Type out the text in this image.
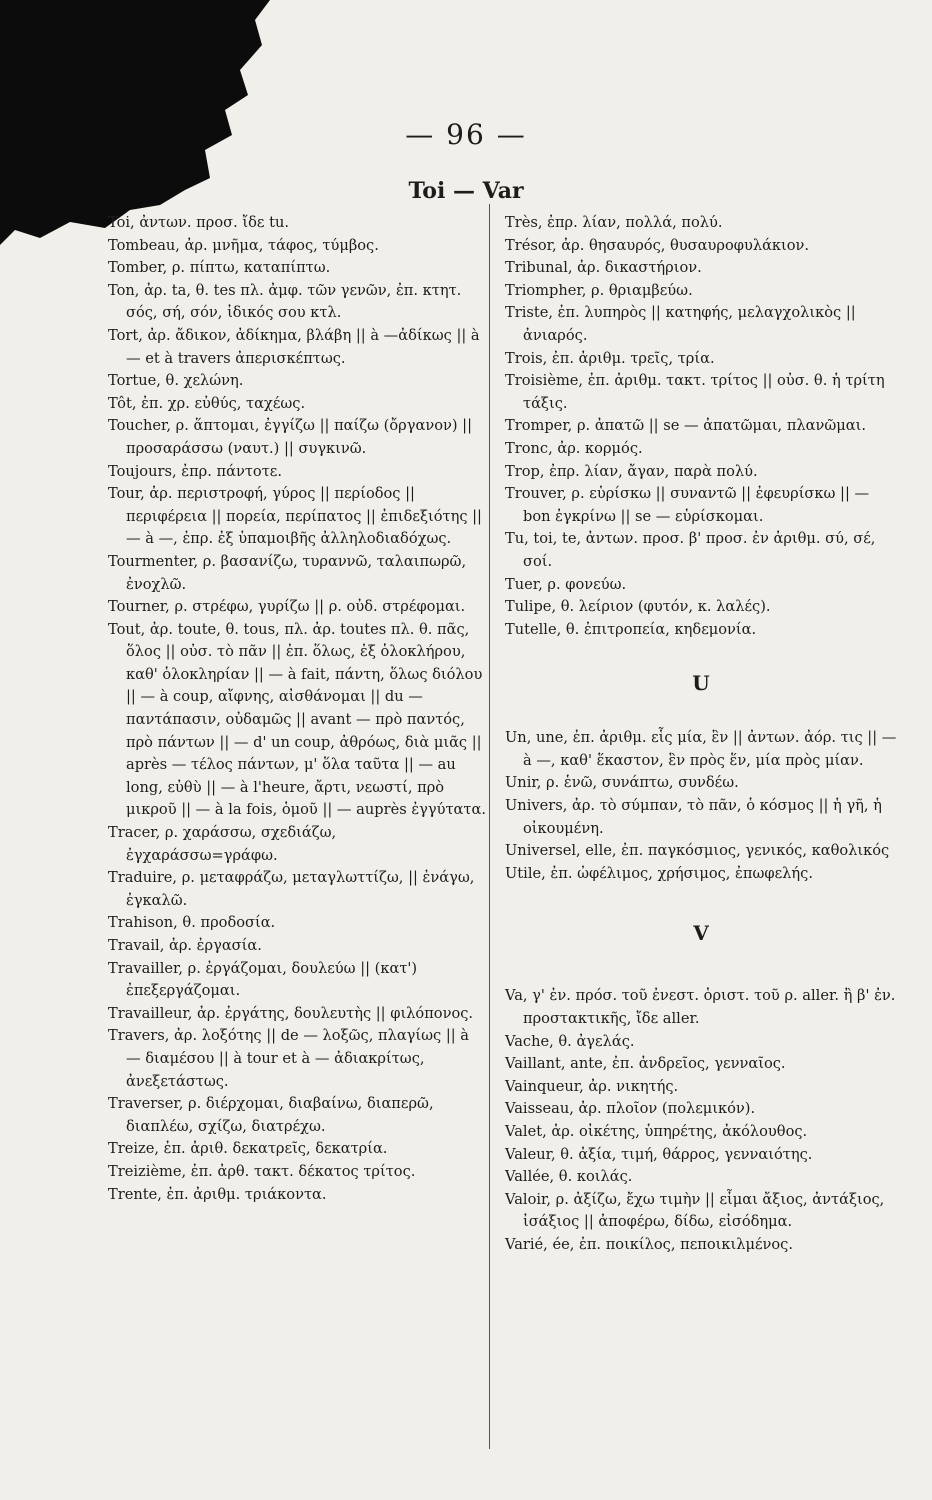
— 96 —
Toi — Var

Toi, ἀντων. προσ. ἴδε tu.

Tombeau, ἀρ. μνῆμα, τάφος, τύμβος.

Tomber, ρ. πίπτω, καταπίπτω.

Ton, ἀρ. ta, θ. tes πλ. ἀμφ. τῶν γενῶν, ἐπ. κτητ. σός, σή, σόν, ἰδικός σου κτλ.

Tort, ἀρ. ἄδικον, ἀδίκημα, βλάβη || à —ἀδίκως || à — et à travers ἀπερισκέπτως.

Tortue, θ. χελώνη.

Tôt, ἐπ. χρ. εὐθύς, ταχέως.

Toucher, ρ. ἅπτομαι, ἐγγίζω || παίζω (ὄργανον) || προσαράσσω (ναυτ.) || συγκινῶ.

Toujours, ἐπρ. πάντοτε.

Tour, ἀρ. περιστροφή, γύρος || περίοδος || περιφέρεια || πορεία, περίπατος || ἐπιδεξιότης || — à —, ἐπρ. ἐξ ὑπαμοιβῆς ἀλληλοδιαδόχως.

Tourmenter, ρ. βασανίζω, τυραννῶ, ταλαιπωρῶ, ἐνοχλῶ.

Tourner, ρ. στρέφω, γυρίζω || ρ. οὐδ. στρέφομαι.

Tout, ἀρ. toute, θ. tous, πλ. ἀρ. toutes πλ. θ. πᾶς, ὅλος || οὐσ. τὸ πᾶν || ἐπ. ὅλως, ἐξ ὁλοκλήρου, καθ' ὁλοκληρίαν || — à fait, πάντη, ὅλως διόλου || — à coup, αἴφνης, αἰσθάνομαι || du — παντάπασιν, οὐδαμῶς || avant — πρὸ παντός, πρὸ πάντων || — d' un coup, ἀθρόως, διὰ μιᾶς || après — τέλος πάντων, μ' ὅλα ταῦτα || — au long, εὐθὺ || — à l'heure, ἄρτι, νεωστί, πρὸ μικροῦ || — à la fois, ὁμοῦ || — auprès ἐγγύτατα.

Tracer, ρ. χαράσσω, σχεδιάζω, ἐγχαράσσω=γράφω.

Traduire, ρ. μεταφράζω, μεταγλωττίζω, || ἐνάγω, ἐγκαλῶ.

Trahison, θ. προδοσία.

Travail, ἀρ. ἐργασία.

Travailler, ρ. ἐργάζομαι, δουλεύω || (κατ') ἐπεξεργάζομαι.

Travailleur, ἀρ. ἐργάτης, δουλευτὴς || φιλόπονος.

Travers, ἀρ. λοξότης || de — λοξῶς, πλαγίως || à — διαμέσου || à tour et à — ἀδιακρίτως, ἀνεξετάστως.

Traverser, ρ. διέρχομαι, διαβαίνω, διαπερῶ, διαπλέω, σχίζω, διατρέχω.

Treize, ἐπ. ἀριθ. δεκατρεῖς, δεκατρία.

Treizième, ἐπ. ἀρθ. τακτ. δέκατος τρίτος.

Trente, ἐπ. ἀριθμ. τριάκοντα.

Très, ἐπρ. λίαν, πολλά, πολύ.

Trésor, ἀρ. θησαυρός, θυσαυροφυλάκιον.

Tribunal, ἀρ. δικαστήριον.

Triompher, ρ. θριαμβεύω.

Triste, ἐπ. λυπηρὸς || κατηφής, μελαγχολικὸς || ἀνιαρός.

Trois, ἐπ. ἀριθμ. τρεῖς, τρία.

Troisième, ἐπ. ἀριθμ. τακτ. τρίτος || οὐσ. θ. ἡ τρίτη τάξις.

Tromper, ρ. ἀπατῶ || se — ἀπατῶμαι, πλανῶμαι.

Tronc, ἀρ. κορμός.

Trop, ἐπρ. λίαν, ἄγαν, παρὰ πολύ.

Trouver, ρ. εὑρίσκω || συναντῶ || ἐφευρίσκω || — bon ἐγκρίνω || se — εὑρίσκομαι.

Tu, toi, te, ἀντων. προσ. β' προσ. ἐν ἀριθμ. σύ, σέ, σοί.

Tuer, ρ. φονεύω.

Tulipe, θ. λείριον (φυτόν, κ. λαλές).

Tutelle, θ. ἐπιτροπεία, κηδεμονία.

U

Un, une, ἐπ. ἀριθμ. εἷς μία, ἓν || ἀντων. ἀόρ. τις || — à —, καθ' ἕκαστον, ἓν πρὸς ἕν, μία πρὸς μίαν.

Unir, ρ. ἑνῶ, συνάπτω, συνδέω.

Univers, ἀρ. τὸ σύμπαν, τὸ πᾶν, ὁ κόσμος || ἡ γῆ, ἡ οἰκουμένη.

Universel, elle, ἐπ. παγκόσμιος, γενικός, καθολικός

Utile, ἐπ. ὠφέλιμος, χρήσιμος, ἐπωφελής.

V

Va, γ' ἐν. πρόσ. τοῦ ἐνεστ. ὁριστ. τοῦ ρ. aller. ἢ β' ἐν. προστακτικῆς, ἴδε aller.

Vache, θ. ἀγελάς.

Vaillant, ante, ἐπ. ἀνδρεῖος, γενναῖος.

Vainqueur, ἀρ. νικητής.

Vaisseau, ἀρ. πλοῖον (πολεμικόν).

Valet, ἀρ. οἰκέτης, ὑπηρέτης, ἀκόλουθος.

Valeur, θ. ἀξία, τιμή, θάρρος, γενναιότης.

Vallée, θ. κοιλάς.

Valoir, ρ. ἀξίζω, ἔχω τιμὴν || εἶμαι ἄξιος, ἀντάξιος, ἰσάξιος || ἀποφέρω, δίδω, εἰσόδημα.

Varié, ée, ἐπ. ποικίλος, πεποικιλμένος.
